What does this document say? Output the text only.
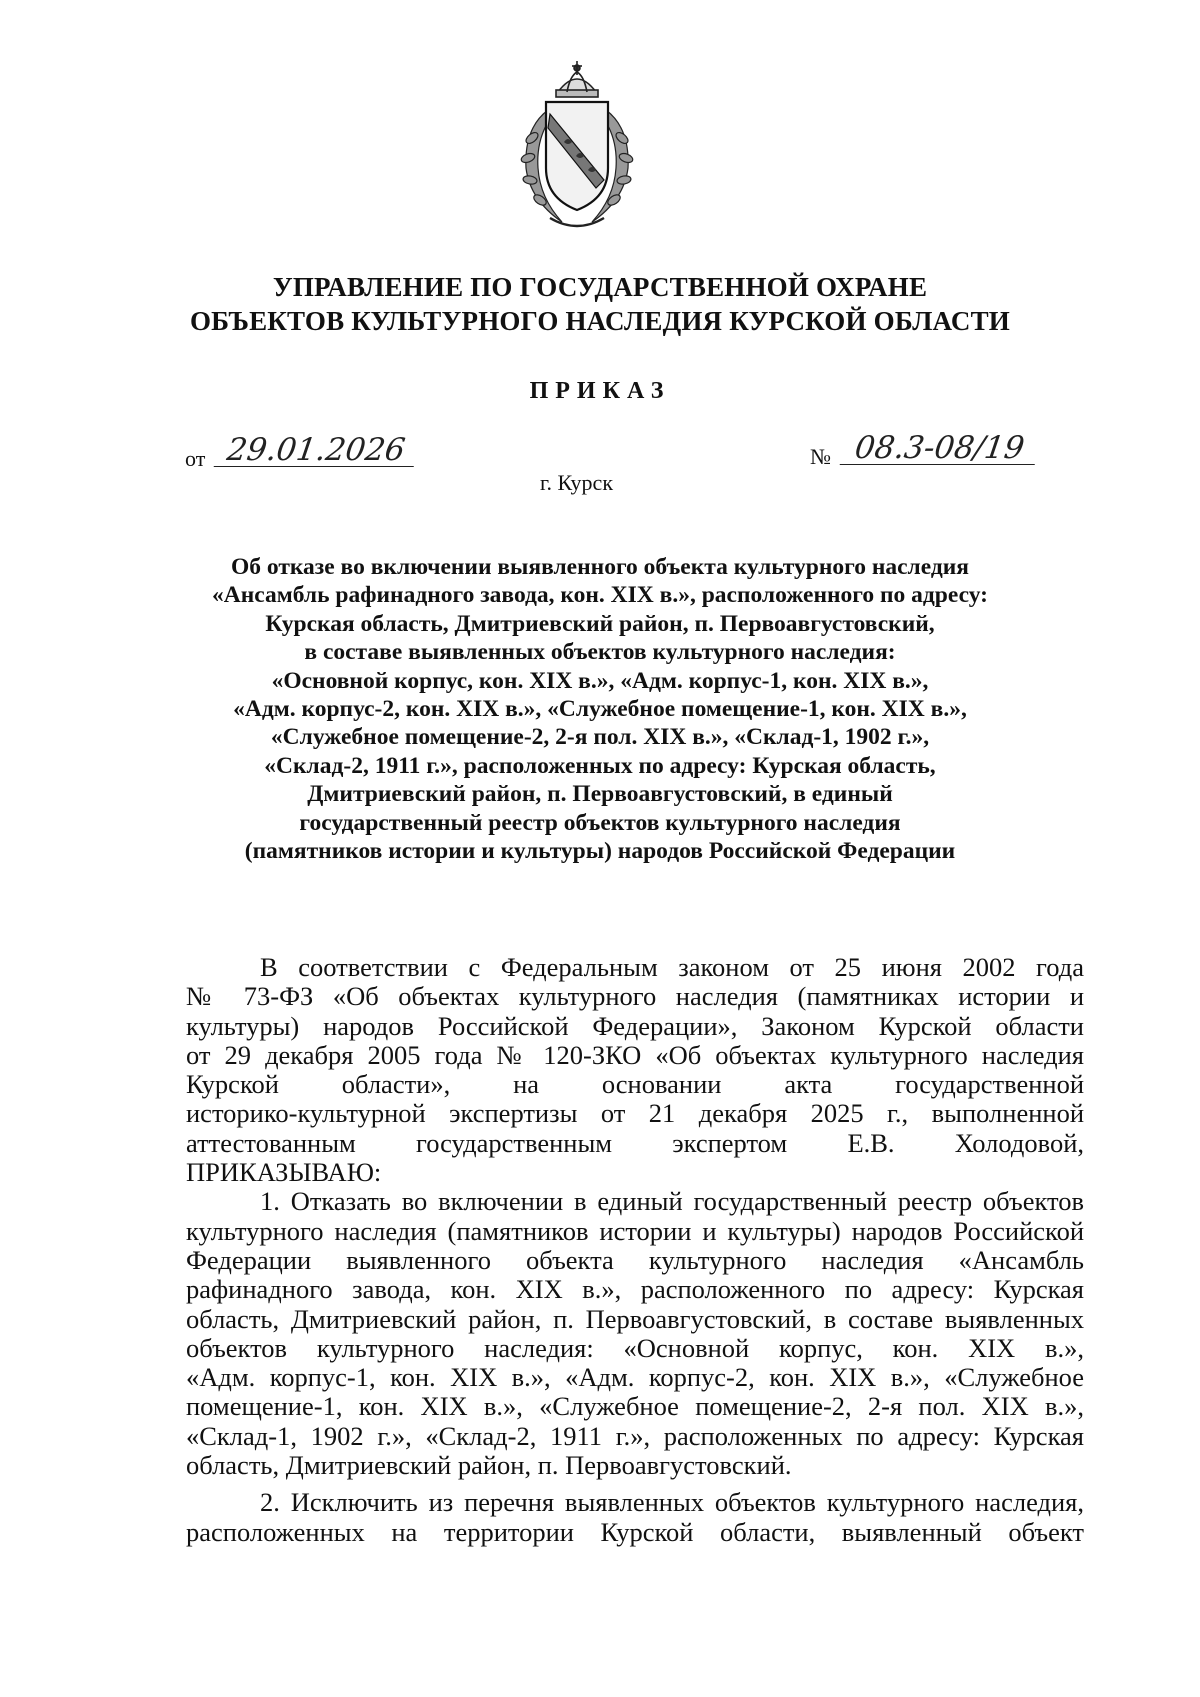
УПРАВЛЕНИЕ ПО ГОСУДАРСТВЕННОЙ ОХРАНЕ
ОБЪЕКТОВ КУЛЬТУРНОГО НАСЛЕДИЯ КУРСКОЙ ОБЛАСТИ
ПРИКАЗ
от 29.01.2026	№ 08.3-08/19
г. Курск
Об отказе во включении выявленного объекта культурного наследия
«Ансамбль рафинадного завода, кон. XIX в.», расположенного по адресу:
Курская область, Дмитриевский район, п. Первоавгустовский,
в составе выявленных объектов культурного наследия:
«Основной корпус, кон. XIX в.», «Адм. корпус-1, кон. XIX в.»,
«Адм. корпус-2, кон. XIX в.», «Служебное помещение-1, кон. XIX в.»,
«Служебное помещение-2, 2-я пол. XIX в.», «Склад-1, 1902 г.»,
«Склад-2, 1911 г.», расположенных по адресу: Курская область,
Дмитриевский район, п. Первоавгустовский, в единый
государственный реестр объектов культурного наследия
(памятников истории и культуры) народов Российской Федерации
В соответствии с Федеральным законом от 25 июня 2002 года
№ 73-ФЗ «Об объектах культурного наследия (памятниках истории и
культуры) народов Российской Федерации», Законом Курской области
от 29 декабря 2005 года № 120-ЗКО «Об объектах культурного наследия
Курской области», на основании акта государственной
историко-культурной экспертизы от 21 декабря 2025 г., выполненной
аттестованным государственным экспертом Е.В. Холодовой,
ПРИКАЗЫВАЮ:
1. Отказать во включении в единый государственный реестр объектов
культурного наследия (памятников истории и культуры) народов Российской
Федерации выявленного объекта культурного наследия «Ансамбль
рафинадного завода, кон. XIX в.», расположенного по адресу: Курская
область, Дмитриевский район, п. Первоавгустовский, в составе выявленных
объектов культурного наследия: «Основной корпус, кон. XIX в.»,
«Адм. корпус-1, кон. XIX в.», «Адм. корпус-2, кон. XIX в.», «Служебное
помещение-1, кон. XIX в.», «Служебное помещение-2, 2-я пол. XIX в.»,
«Склад-1, 1902 г.», «Склад-2, 1911 г.», расположенных по адресу: Курская
область, Дмитриевский район, п. Первоавгустовский.
2. Исключить из перечня выявленных объектов культурного наследия,
расположенных на территории Курской области, выявленный объект
